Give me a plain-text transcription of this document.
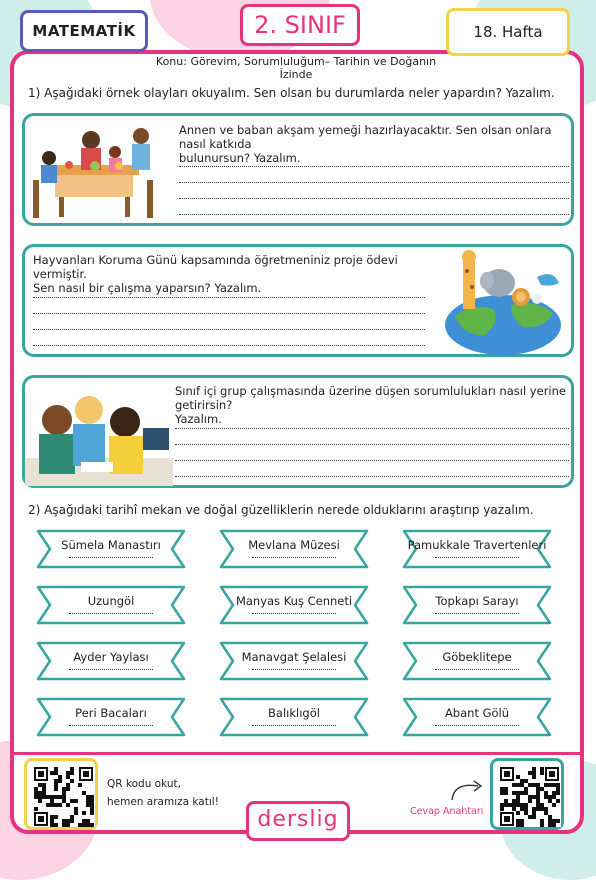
MATEMATİK	2. SINIF	18. Hafta
Konu: Görevim, Sorumluluğum– Tarihin ve Doğanın İzinde
1) Aşağıdaki örnek olayları okuyalım. Sen olsan bu durumlarda neler yapardın? Yazalım.
Annen ve baban akşam yemeği hazırlayacaktır. Sen olsan onlara nasıl katkıda
bulunursun? Yazalım.
Hayvanları Koruma Günü kapsamında öğretmeniniz proje ödevi vermiştir.
Sen nasıl bir çalışma yaparsın? Yazalım.
Sınıf içi grup çalışmasında üzerine düşen sorumlulukları nasıl yerine getirirsin?
Yazalım.
2) Aşağıdaki tarihî mekan ve doğal güzelliklerin nerede olduklarını araştırıp yazalım.
Sümela Manastırı	Mevlana Müzesi	Pamukkale Travertenleri
Uzungöl	Manyas Kuş Cenneti	Topkapı Sarayı
Ayder Yaylası	Manavgat Şelalesi	Göbeklitepe
Peri Bacaları	Balıklıgöl	Abant Gölü
QR kodu okut,
hemen aramıza katıl!
derslig	Cevap Anahtarı
